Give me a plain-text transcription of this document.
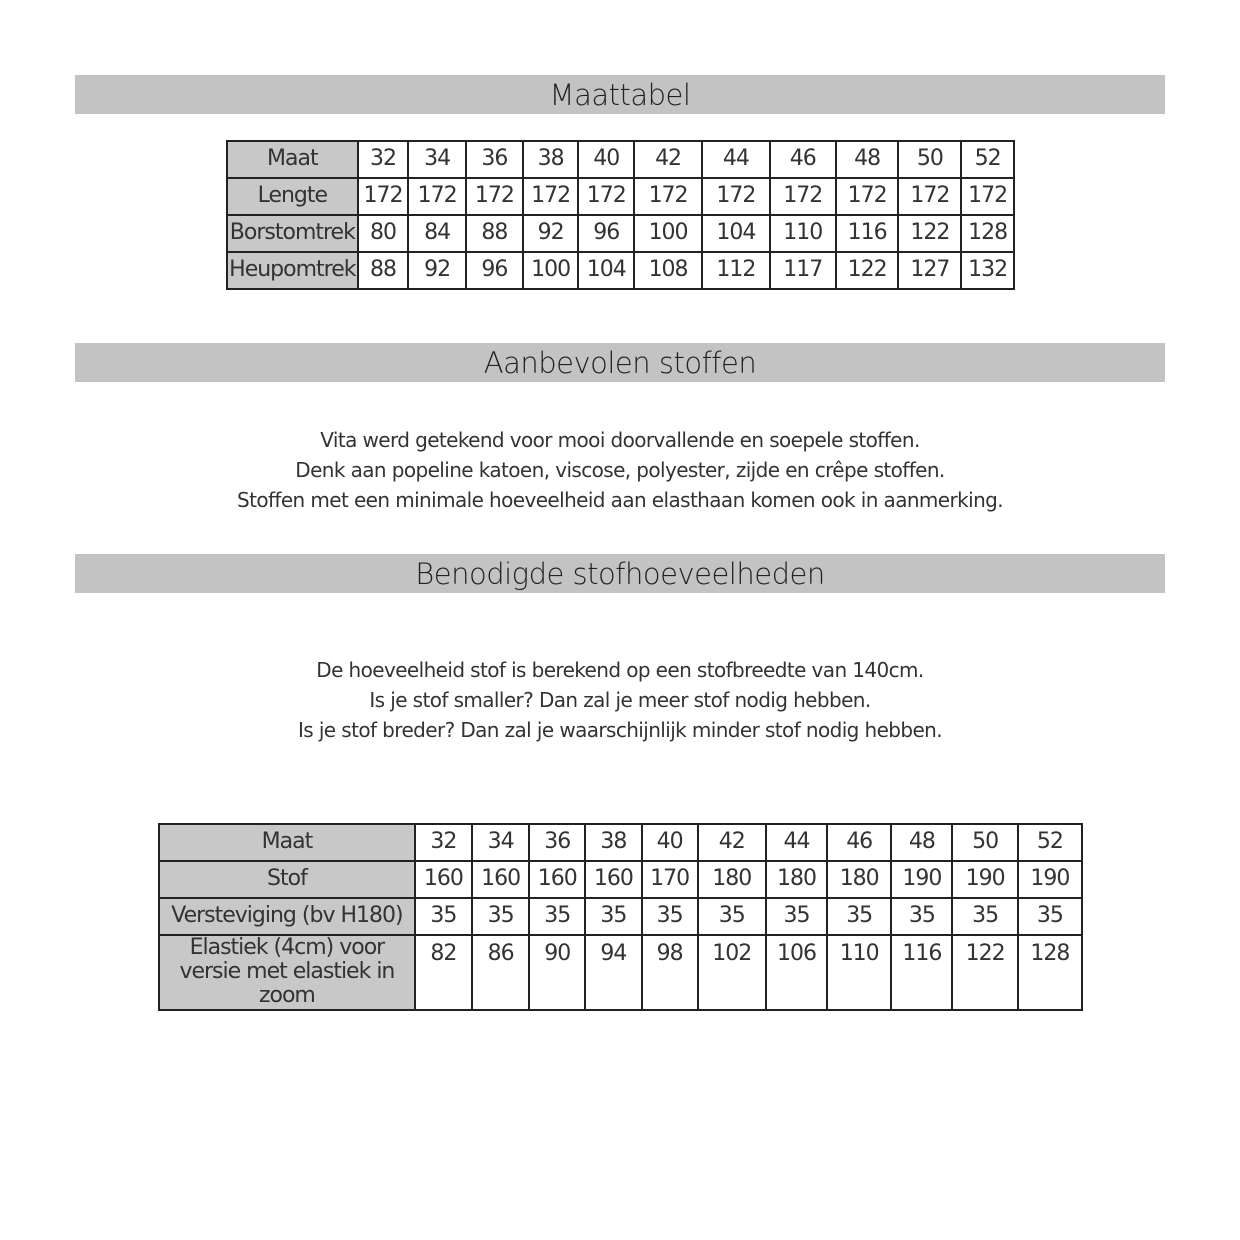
Maattabel
Maat	32	34	36	38	40	42	44	46	48	50	52
Lengte	172	172	172	172	172	172	172	172	172	172	172
Borstomtrek	80	84	88	92	96	100	104	110	116	122	128
Heupomtrek	88	92	96	100	104	108	112	117	122	127	132
Aanbevolen stoffen

Vita werd getekend voor mooi doorvallende en soepele stoffen.

Denk aan popeline katoen, viscose, polyester, zijde en crêpe stoffen.

Stoffen met een minimale hoeveelheid aan elasthaan komen ook in aanmerking.

Benodigde stofhoeveelheden

De hoeveelheid stof is berekend op een stofbreedte van 140cm.

Is je stof smaller? Dan zal je meer stof nodig hebben.

Is je stof breder? Dan zal je waarschijnlijk minder stof nodig hebben.

Maat	32	34	36	38	40	42	44	46	48	50	52
Stof	160	160	160	160	170	180	180	180	190	190	190
Versteviging (bv H180)	35	35	35	35	35	35	35	35	35	35	35
Elastiek (4cm) voor versie met elastiek in zoom	82	86	90	94	98	102	106	110	116	122	128
